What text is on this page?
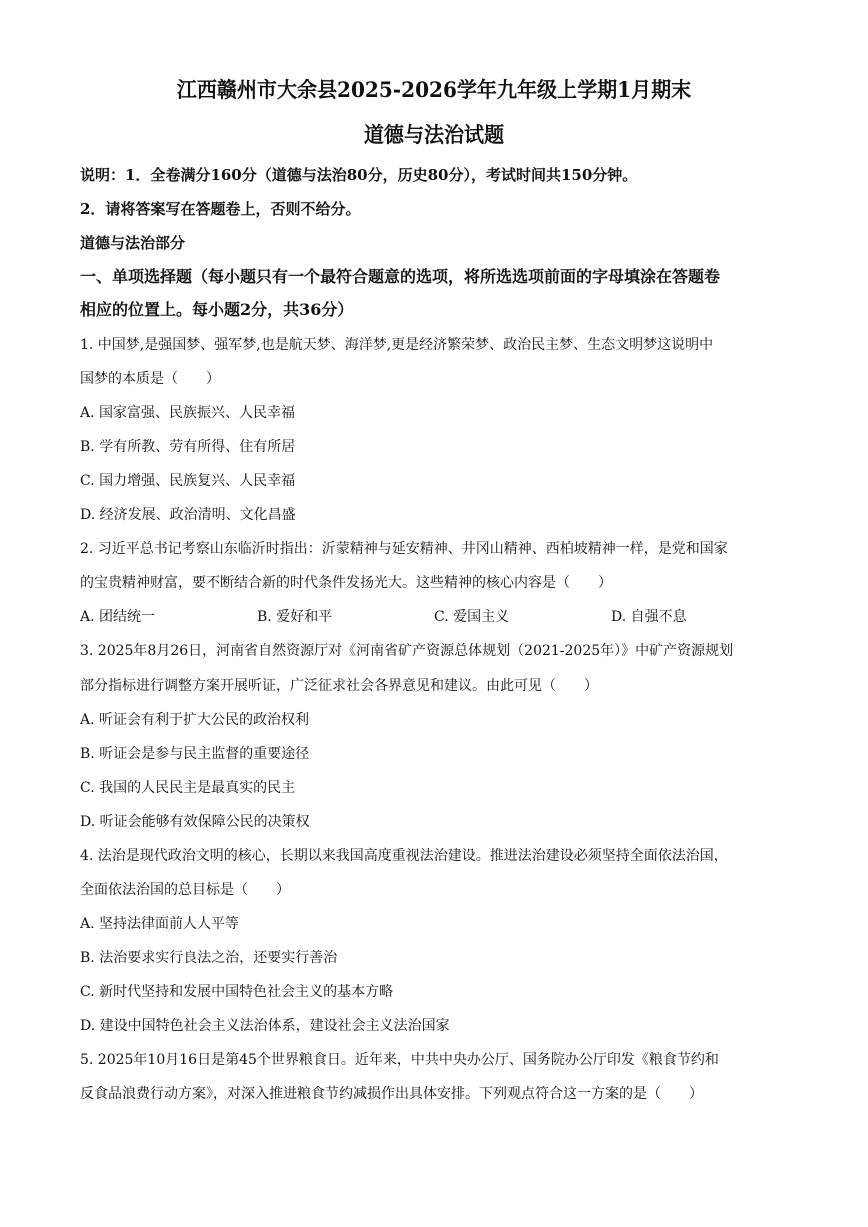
江西赣州市大余县2025-2026学年九年级上学期1月期末
道德与法治试题
说明：1．全卷满分160分（道德与法治80分，历史80分），考试时间共150分钟。
2．请将答案写在答题卷上，否则不给分。
道德与法治部分
一、单项选择题（每小题只有一个最符合题意的选项，将所选选项前面的字母填涂在答题卷
相应的位置上。每小题2分，共36分）
1. 中国梦,是强国梦、强军梦,也是航天梦、海洋梦,更是经济繁荣梦、政治民主梦、生态文明梦这说明中
国梦的本质是（　　）
A. 国家富强、民族振兴、人民幸福
B. 学有所教、劳有所得、住有所居
C. 国力增强、民族复兴、人民幸福
D. 经济发展、政治清明、文化昌盛
2. 习近平总书记考察山东临沂时指出：沂蒙精神与延安精神、井冈山精神、西柏坡精神一样，是党和国家
的宝贵精神财富，要不断结合新的时代条件发扬光大。这些精神的核心内容是（　　）
A. 团结统一	B. 爱好和平	C. 爱国主义	D. 自强不息
3. 2025年8月26日，河南省自然资源厅对《河南省矿产资源总体规划（2021-2025年）》中矿产资源规划
部分指标进行调整方案开展听证，广泛征求社会各界意见和建议。由此可见（　　）
A. 听证会有利于扩大公民的政治权利
B. 听证会是参与民主监督的重要途径
C. 我国的人民民主是最真实的民主
D. 听证会能够有效保障公民的决策权
4. 法治是现代政治文明的核心，长期以来我国高度重视法治建设。推进法治建设必须坚持全面依法治国，
全面依法治国的总目标是（　　）
A. 坚持法律面前人人平等
B. 法治要求实行良法之治，还要实行善治
C. 新时代坚持和发展中国特色社会主义的基本方略
D. 建设中国特色社会主义法治体系，建设社会主义法治国家
5. 2025年10月16日是第45个世界粮食日。近年来，中共中央办公厅、国务院办公厅印发《粮食节约和
反食品浪费行动方案》，对深入推进粮食节约减损作出具体安排。下列观点符合这一方案的是（　　）
